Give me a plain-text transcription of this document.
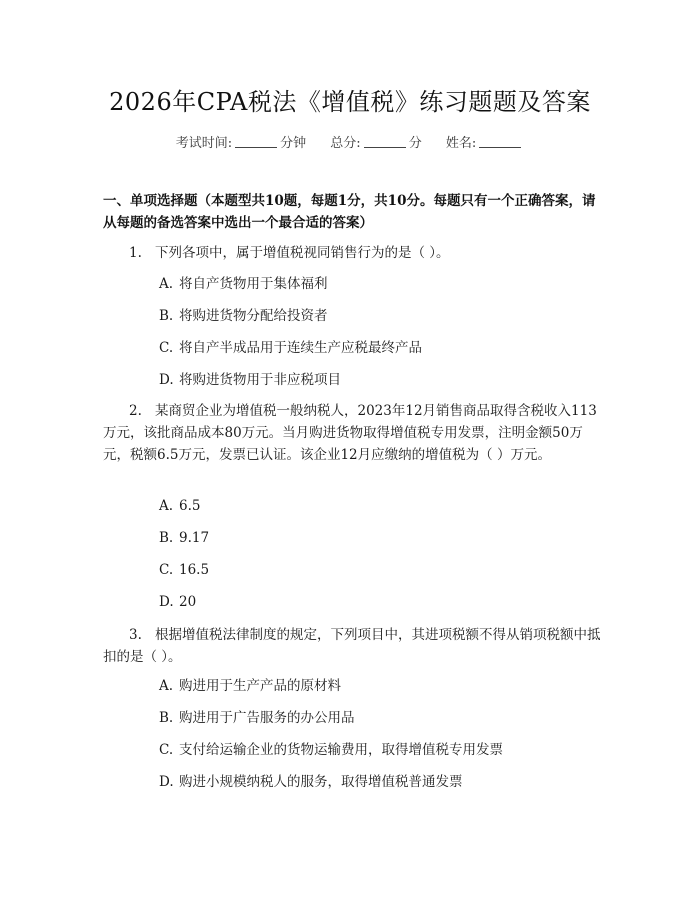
2026年CPA税法《增值税》练习题题及答案
考试时间:	分钟 总分:	分 姓名:
一、单项选择题（本题型共10题，每题1分，共10分。每题只有一个正确答案，请从每题的备选答案中选出一个最合适的答案）

1. 下列各项中，属于增值税视同销售行为的是（ ）。

A. 将自产货物用于集体福利
B. 将购进货物分配给投资者
C. 将自产半成品用于连续生产应税最终产品
D. 将购进货物用于非应税项目

2. 某商贸企业为增值税一般纳税人，2023年12月销售商品取得含税收入113万元，该批商品成本80万元。当月购进货物取得增值税专用发票，注明金额50万元，税额6.5万元，发票已认证。该企业12月应缴纳的增值税为（ ）万元。

A. 6.5
B. 9.17
C. 16.5
D. 20

3. 根据增值税法律制度的规定，下列项目中，其进项税额不得从销项税额中抵扣的是（ ）。

A. 购进用于生产产品的原材料
B. 购进用于广告服务的办公用品
C. 支付给运输企业的货物运输费用，取得增值税专用发票
D. 购进小规模纳税人的服务，取得增值税普通发票
